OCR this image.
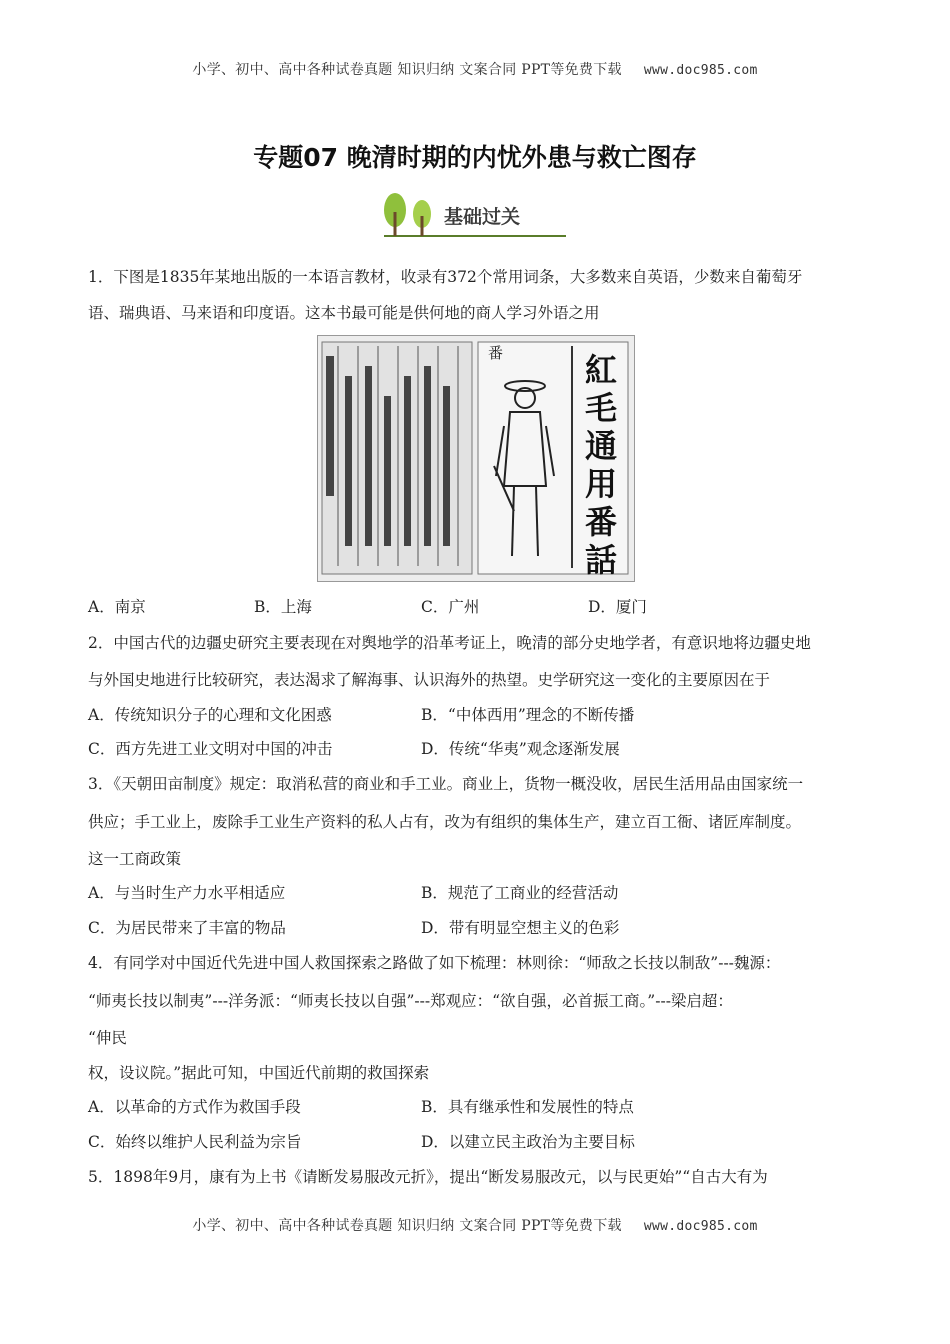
小学、初中、高中各种试卷真题 知识归纳 文案合同 PPT等免费下载 www.doc985.com
专题07 晚清时期的内忧外患与救亡图存
基础过关
1．下图是1835年某地出版的一本语言教材，收录有372个常用词条，大多数来自英语，少数来自葡萄牙
语、瑞典语、马来语和印度语。这本书最可能是供何地的商人学习外语之用
番	紅
毛
通
用
番
話
A．南京	B．上海	C．广州	D．厦门
2．中国古代的边疆史研究主要表现在对舆地学的沿革考证上，晚清的部分史地学者，有意识地将边疆史地
与外国史地进行比较研究，表达渴求了解海事、认识海外的热望。史学研究这一变化的主要原因在于
A．传统知识分子的心理和文化困惑	B．“中体西用”理念的不断传播
C．西方先进工业文明对中国的冲击	D．传统“华夷”观念逐渐发展
3．《天朝田亩制度》规定：取消私营的商业和手工业。商业上，货物一概没收，居民生活用品由国家统一
供应；手工业上，废除手工业生产资料的私人占有，改为有组织的集体生产，建立百工衙、诸匠库制度。
这一工商政策
A．与当时生产力水平相适应	B．规范了工商业的经营活动
C．为居民带来了丰富的物品	D．带有明显空想主义的色彩
4．有同学对中国近代先进中国人救国探索之路做了如下梳理：林则徐：“师敌之长技以制敌”---魏源：
“师夷长技以制夷”---洋务派：“师夷长技以自强”---郑观应：“欲自强，必首振工商。”---梁启超：
“伸民
权，设议院。”据此可知，中国近代前期的救国探索
A．以革命的方式作为救国手段	B．具有继承性和发展性的特点
C．始终以维护人民利益为宗旨	D．以建立民主政治为主要目标
5．1898年9月，康有为上书《请断发易服改元折》，提出“断发易服改元，以与民更始”“自古大有为
小学、初中、高中各种试卷真题 知识归纳 文案合同 PPT等免费下载 www.doc985.com
